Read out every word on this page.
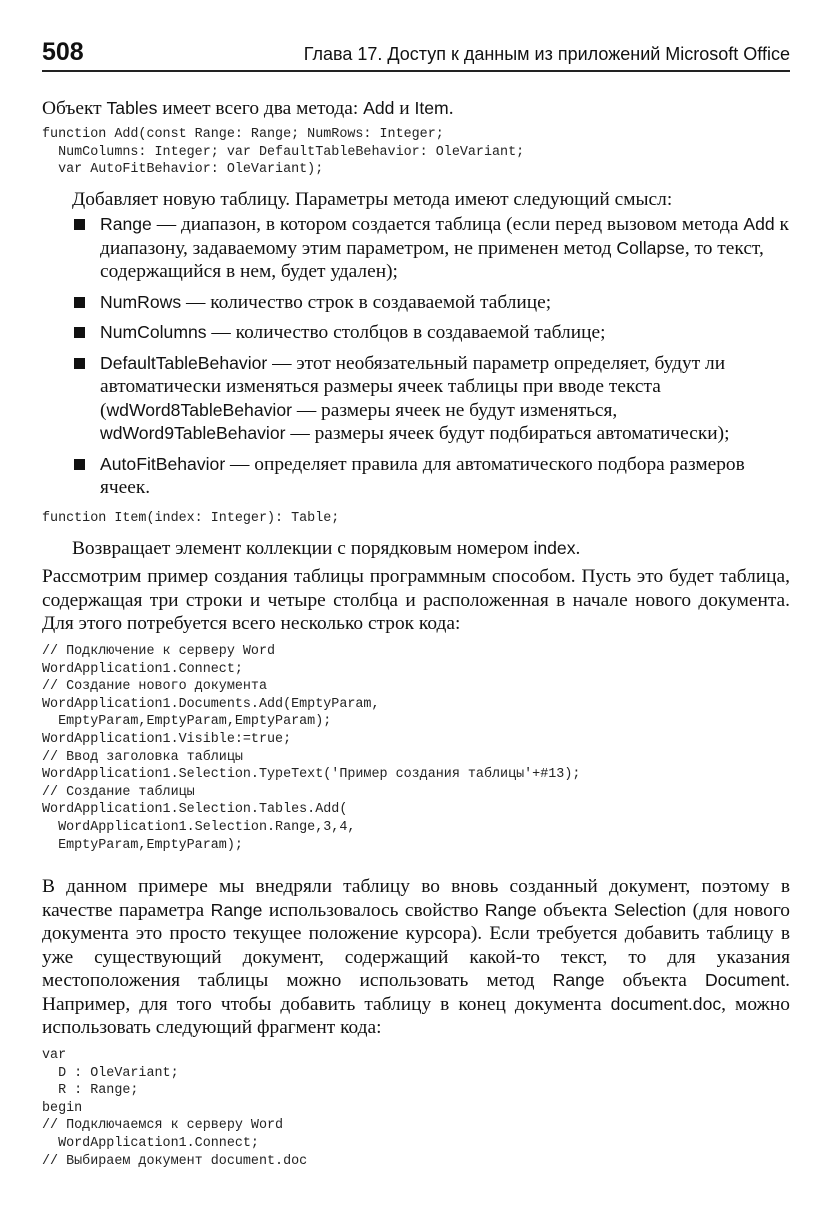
508	Глава 17. Доступ к данным из приложений Microsoft Office
Объект Tables имеет всего два метода: Add и Item.
function Add(const Range: Range; NumRows: Integer;
NumColumns: Integer; var DefaultTableBehavior: OleVariant;
var AutoFitBehavior: OleVariant);
Добавляет новую таблицу. Параметры метода имеют следующий смысл:
Range — диапазон, в котором создается таблица (если перед вызовом метода Add к диапазону, задаваемому этим параметром, не применен метод Collapse, то текст, содержащийся в нем, будет удален);
NumRows — количество строк в создаваемой таблице;
NumColumns — количество столбцов в создаваемой таблице;
DefaultTableBehavior — этот необязательный параметр определяет, будут ли автоматически изменяться размеры ячеек таблицы при вводе текста (wdWord8TableBehavior — размеры ячеек не будут изменяться, wdWord9TableBehavior — размеры ячеек будут подбираться автоматически);
AutoFitBehavior — определяет правила для автоматического подбора размеров ячеек.
function Item(index: Integer): Table;
Возвращает элемент коллекции с порядковым номером index.
Рассмотрим пример создания таблицы программным способом. Пусть это будет таблица, содержащая три строки и четыре столбца и расположенная в начале нового документа. Для этого потребуется всего несколько строк кода:
// Подключение к серверу Word
WordApplication1.Connect;
// Создание нового документа
WordApplication1.Documents.Add(EmptyParam,
EmptyParam,EmptyParam,EmptyParam);
WordApplication1.Visible:=true;
// Ввод заголовка таблицы
WordApplication1.Selection.TypeText('Пример создания таблицы'+#13);
// Создание таблицы
WordApplication1.Selection.Tables.Add(
WordApplication1.Selection.Range,3,4,
EmptyParam,EmptyParam);
В данном примере мы внедряли таблицу во вновь созданный документ, поэтому в качестве параметра Range использовалось свойство Range объекта Selection (для нового документа это просто текущее положение курсора). Если требуется добавить таблицу в уже существующий документ, содержащий какой-то текст, то для указания местоположения таблицы можно использовать метод Range объекта Document. Например, для того чтобы добавить таблицу в конец документа document.doc, можно использовать следующий фрагмент кода:
var
D : OleVariant;
R : Range;
begin
// Подключаемся к серверу Word
WordApplication1.Connect;
// Выбираем документ document.doc
